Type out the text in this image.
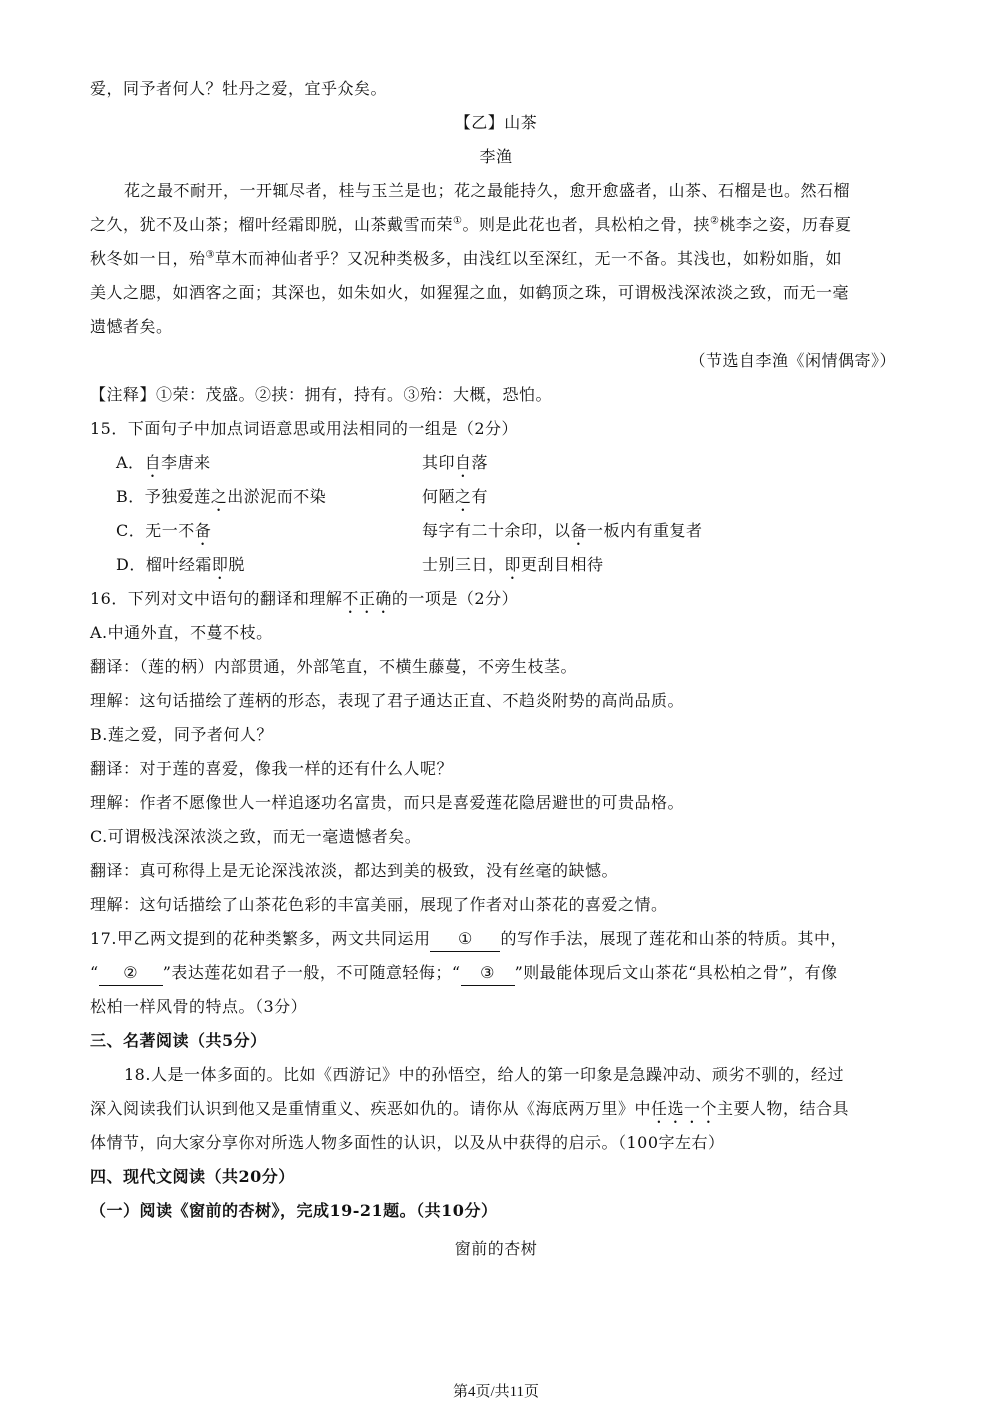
爱，同予者何人？牡丹之爱，宜乎众矣。
【乙】山茶
李渔
花之最不耐开，一开辄尽者，桂与玉兰是也；花之最能持久，愈开愈盛者，山茶、石榴是也。然石榴
之久，犹不及山茶；榴叶经霜即脱，山茶戴雪而荣①。则是此花也者，具松柏之骨，挟②桃李之姿，历春夏
秋冬如一日，殆③草木而神仙者乎？又况种类极多，由浅红以至深红，无一不备。其浅也，如粉如脂，如
美人之腮，如酒客之面；其深也，如朱如火，如猩猩之血，如鹤顶之珠，可谓极浅深浓淡之致，而无一毫
遗憾者矣。
（节选自李渔《闲情偶寄》）
【注释】①荣：茂盛。②挟：拥有，持有。③殆：大概，恐怕。
15．下面句子中加点词语意思或用法相同的一组是（2分）
A．自李唐来	其印自落
B．予独爱莲之出淤泥而不染	何陋之有
C．无一不备	每字有二十余印，以备一板内有重复者
D．榴叶经霜即脱	士别三日，即更刮目相待
16．下列对文中语句的翻译和理解不正确的一项是（2分）
A.中通外直，不蔓不枝。
翻译：（莲的柄）内部贯通，外部笔直，不横生藤蔓，不旁生枝茎。
理解：这句话描绘了莲柄的形态，表现了君子通达正直、不趋炎附势的高尚品质。
B.莲之爱，同予者何人？
翻译：对于莲的喜爱，像我一样的还有什么人呢？
理解：作者不愿像世人一样追逐功名富贵，而只是喜爱莲花隐居避世的可贵品格。
C.可谓极浅深浓淡之致，而无一毫遗憾者矣。
翻译：真可称得上是无论深浅浓淡，都达到美的极致，没有丝毫的缺憾。
理解：这句话描绘了山茶花色彩的丰富美丽，展现了作者对山茶花的喜爱之情。
17.甲乙两文提到的花种类繁多，两文共同运用 ① 的写作手法，展现了莲花和山茶的特质。其中，
“ ② ”表达莲花如君子一般，不可随意轻侮；“ ③ ”则最能体现后文山茶花“具松柏之骨”，有像
松柏一样风骨的特点。（3分）
三、名著阅读（共5分）
18.人是一体多面的。比如《西游记》中的孙悟空，给人的第一印象是急躁冲动、顽劣不驯的，经过
深入阅读我们认识到他又是重情重义、疾恶如仇的。请你从《海底两万里》中任选一个主要人物，结合具
体情节，向大家分享你对所选人物多面性的认识，以及从中获得的启示。（100字左右）
四、现代文阅读（共20分）
（一）阅读《窗前的杏树》，完成19-21题。（共10分）
窗前的杏树
第4页/共11页
